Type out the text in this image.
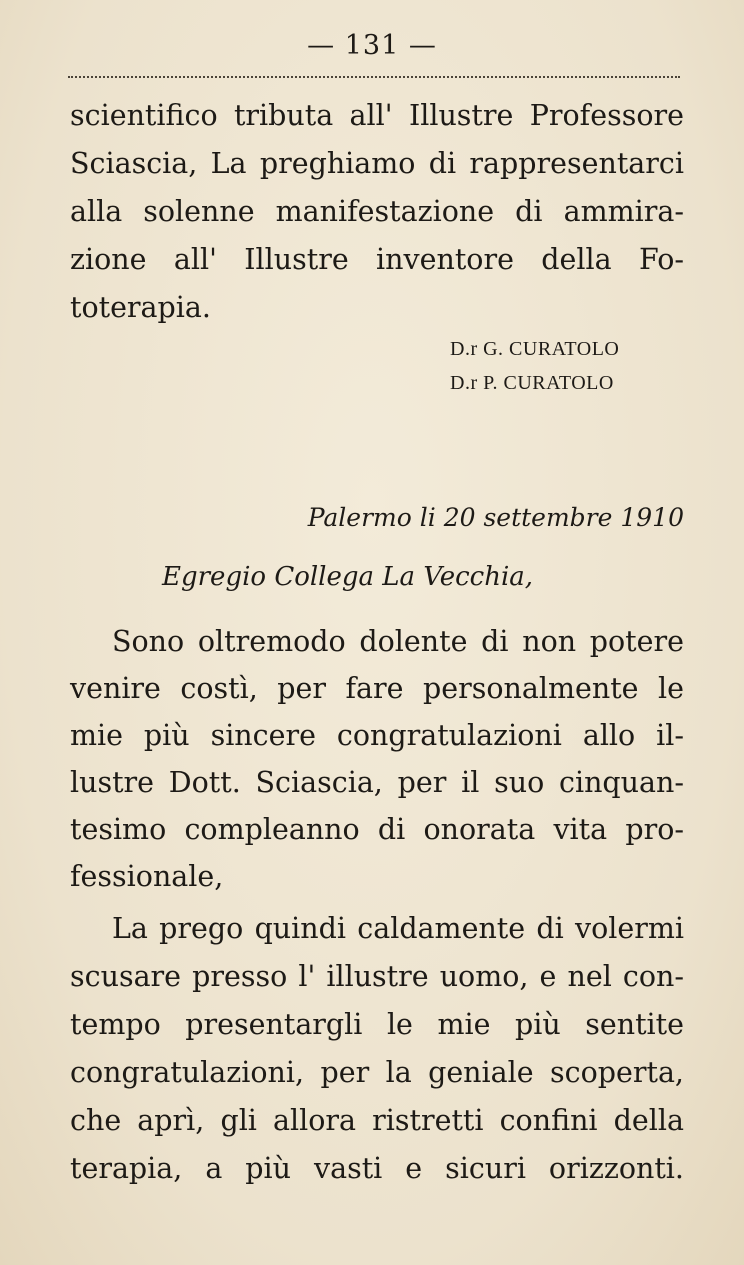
— 131 —
scientifico tributa all' Illustre Professore
Sciascia, La preghiamo di rappresentarci
alla solenne manifestazione di ammira-
zione all' Illustre inventore della Fo-
toterapia.
D.r G. CURATOLO
D.r P. CURATOLO
Palermo li 20 settembre 1910
Egregio Collega La Vecchia,
Sono oltremodo dolente di non potere
venire costì, per fare personalmente le
mie più sincere congratulazioni allo il-
lustre Dott. Sciascia, per il suo cinquan-
tesimo compleanno di onorata vita pro-
fessionale,
La prego quindi caldamente di volermi
scusare presso l' illustre uomo, e nel con-
tempo presentargli le mie più sentite
congratulazioni, per la geniale scoperta,
che aprì, gli allora ristretti confini della
terapia, a più vasti e sicuri orizzonti.
